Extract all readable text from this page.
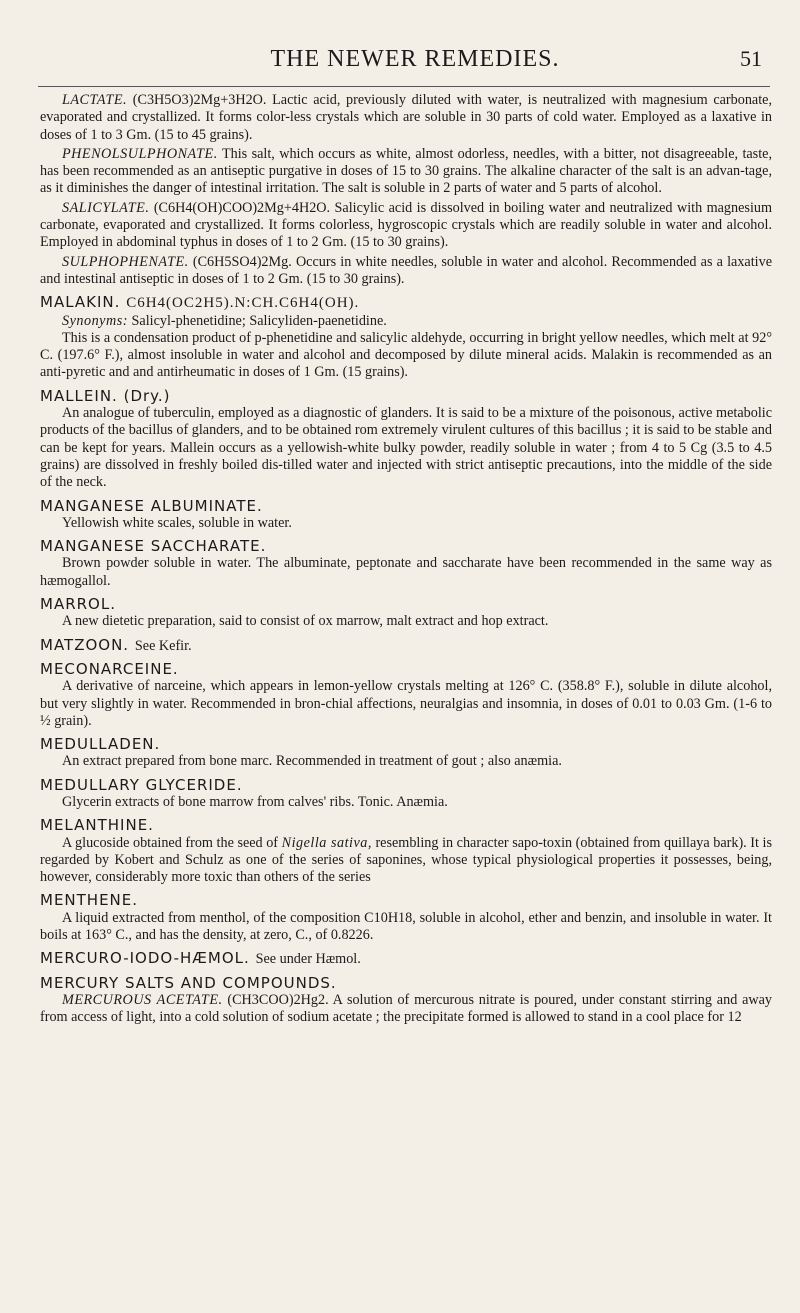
THE NEWER REMEDIES.	51

LACTATE. (C3H5O3)2Mg+3H2O. Lactic acid, previously diluted with water, is neutralized with magnesium carbonate, evaporated and crystallized. It forms color-less crystals which are soluble in 30 parts of cold water. Employed as a laxative in doses of 1 to 3 Gm. (15 to 45 grains).

PHENOLSULPHONATE. This salt, which occurs as white, almost odorless, needles, with a bitter, not disagreeable, taste, has been recommended as an antiseptic purgative in doses of 15 to 30 grains. The alkaline character of the salt is an advan-tage, as it diminishes the danger of intestinal irritation. The salt is soluble in 2 parts of water and 5 parts of alcohol.

SALICYLATE. (C6H4(OH)COO)2Mg+4H2O. Salicylic acid is dissolved in boiling water and neutralized with magnesium carbonate, evaporated and crystallized. It forms colorless, hygroscopic crystals which are readily soluble in water and alcohol. Employed in abdominal typhus in doses of 1 to 2 Gm. (15 to 30 grains).

SULPHOPHENATE. (C6H5SO4)2Mg. Occurs in white needles, soluble in water and alcohol. Recommended as a laxative and intestinal antiseptic in doses of 1 to 2 Gm. (15 to 30 grains).

MALAKIN. C6H4(OC2H5).N:CH.C6H4(OH).

Synonyms: Salicyl-phenetidine; Salicyliden-paenetidine.

This is a condensation product of p-phenetidine and salicylic aldehyde, occurring in bright yellow needles, which melt at 92° C. (197.6° F.), almost insoluble in water and alcohol and decomposed by dilute mineral acids. Malakin is recommended as an anti-pyretic and and antirheumatic in doses of 1 Gm. (15 grains).

MALLEIN. (Dry.)

An analogue of tuberculin, employed as a diagnostic of glanders. It is said to be a mixture of the poisonous, active metabolic products of the bacillus of glanders, and to be obtained rom extremely virulent cultures of this bacillus ; it is said to be stable and can be kept for years. Mallein occurs as a yellowish-white bulky powder, readily soluble in water ; from 4 to 5 Cg (3.5 to 4.5 grains) are dissolved in freshly boiled dis-tilled water and injected with strict antiseptic precautions, into the middle of the side of the neck.

MANGANESE ALBUMINATE.

Yellowish white scales, soluble in water.

MANGANESE SACCHARATE.

Brown powder soluble in water. The albuminate, peptonate and saccharate have been recommended in the same way as hæmogallol.

MARROL.

A new dietetic preparation, said to consist of ox marrow, malt extract and hop extract.

MATZOON. See Kefir.
MECONARCEINE.

A derivative of narceine, which appears in lemon-yellow crystals melting at 126° C. (358.8° F.), soluble in dilute alcohol, but very slightly in water. Recommended in bron-chial affections, neuralgias and insomnia, in doses of 0.01 to 0.03 Gm. (1-6 to ½ grain).

MEDULLADEN.

An extract prepared from bone marc. Recommended in treatment of gout ; also anæmia.

MEDULLARY GLYCERIDE.

Glycerin extracts of bone marrow from calves' ribs. Tonic. Anæmia.

MELANTHINE.

A glucoside obtained from the seed of Nigella sativa, resembling in character sapo-toxin (obtained from quillaya bark). It is regarded by Kobert and Schulz as one of the series of saponines, whose typical physiological properties it possesses, being, however, considerably more toxic than others of the series

MENTHENE.

A liquid extracted from menthol, of the composition C10H18, soluble in alcohol, ether and benzin, and insoluble in water. It boils at 163° C., and has the density, at zero, C., of 0.8226.

MERCURO-IODO-HÆMOL. See under Hæmol.
MERCURY SALTS AND COMPOUNDS.

MERCUROUS ACETATE. (CH3COO)2Hg2. A solution of mercurous nitrate is poured, under constant stirring and away from access of light, into a cold solution of sodium acetate ; the precipitate formed is allowed to stand in a cool place for 12
